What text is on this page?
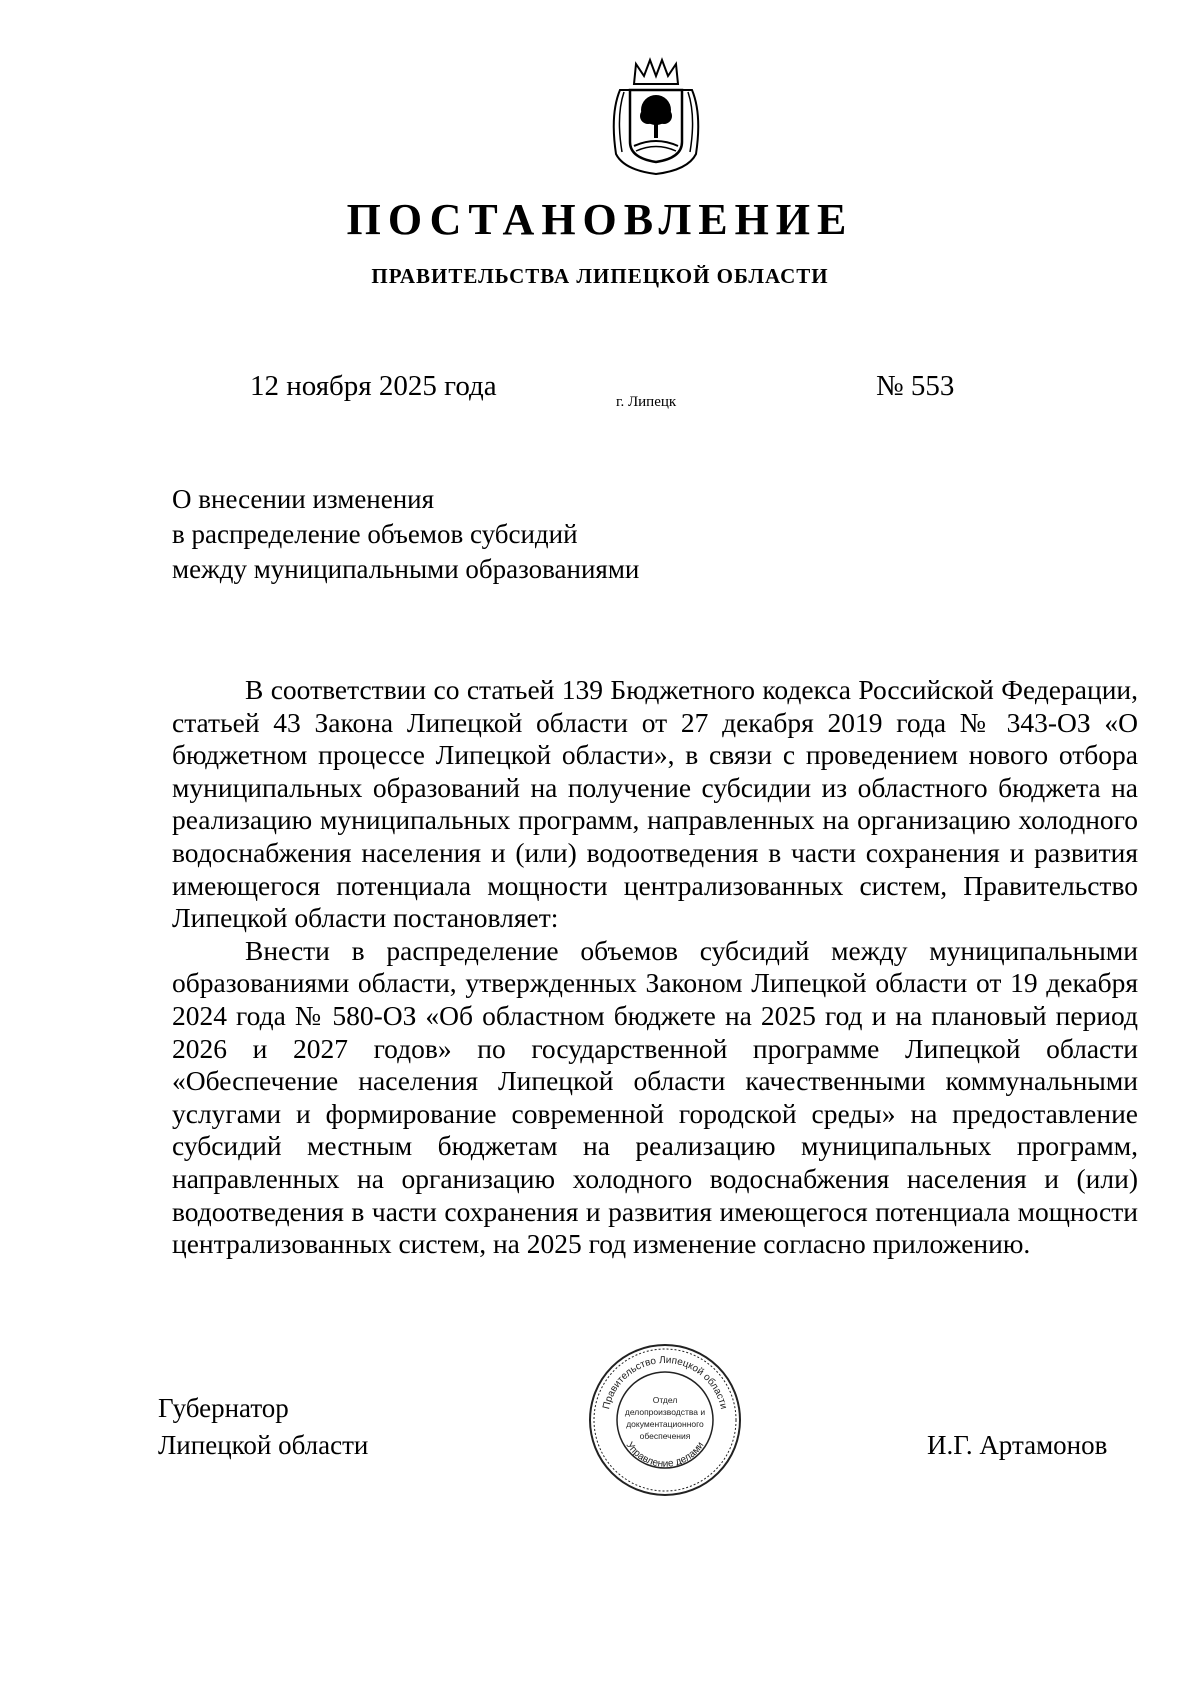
ПОСТАНОВЛЕНИЕ
ПРАВИТЕЛЬСТВА ЛИПЕЦКОЙ ОБЛАСТИ
12 ноября 2025 года	г. Липецк	№ 553
О внесении изменения
в распределение объемов субсидий
между муниципальными образованиями

В соответствии со статьей 139 Бюджетного кодекса Российской Федерации, статьей 43 Закона Липецкой области от 27 декабря 2019 года № 343-ОЗ «О бюджетном процессе Липецкой области», в связи с проведением нового отбора муниципальных образований на получение субсидии из областного бюджета на реализацию муниципальных программ, направленных на организацию холодного водоснабжения населения и (или) водоотведения в части сохранения и развития имеющегося потенциала мощности централизованных систем, Правительство Липецкой области постановляет:

Внести в распределение объемов субсидий между муниципальными образованиями области, утвержденных Законом Липецкой области от 19 декабря 2024 года № 580-ОЗ «Об областном бюджете на 2025 год и на плановый период 2026 и 2027 годов» по государственной программе Липецкой области «Обеспечение населения Липецкой области качественными коммунальными услугами и формирование современной городской среды» на предоставление субсидий местным бюджетам на реализацию муниципальных программ, направленных на организацию холодного водоснабжения населения и (или) водоотведения в части сохранения и развития имеющегося потенциала мощности централизованных систем, на 2025 год изменение согласно приложению.

Губернатор
Липецкой области
Правительство Липецкой области
Управление делами
Отдел
делопроизводства и
документационного
обеспечения	И.Г. Артамонов
